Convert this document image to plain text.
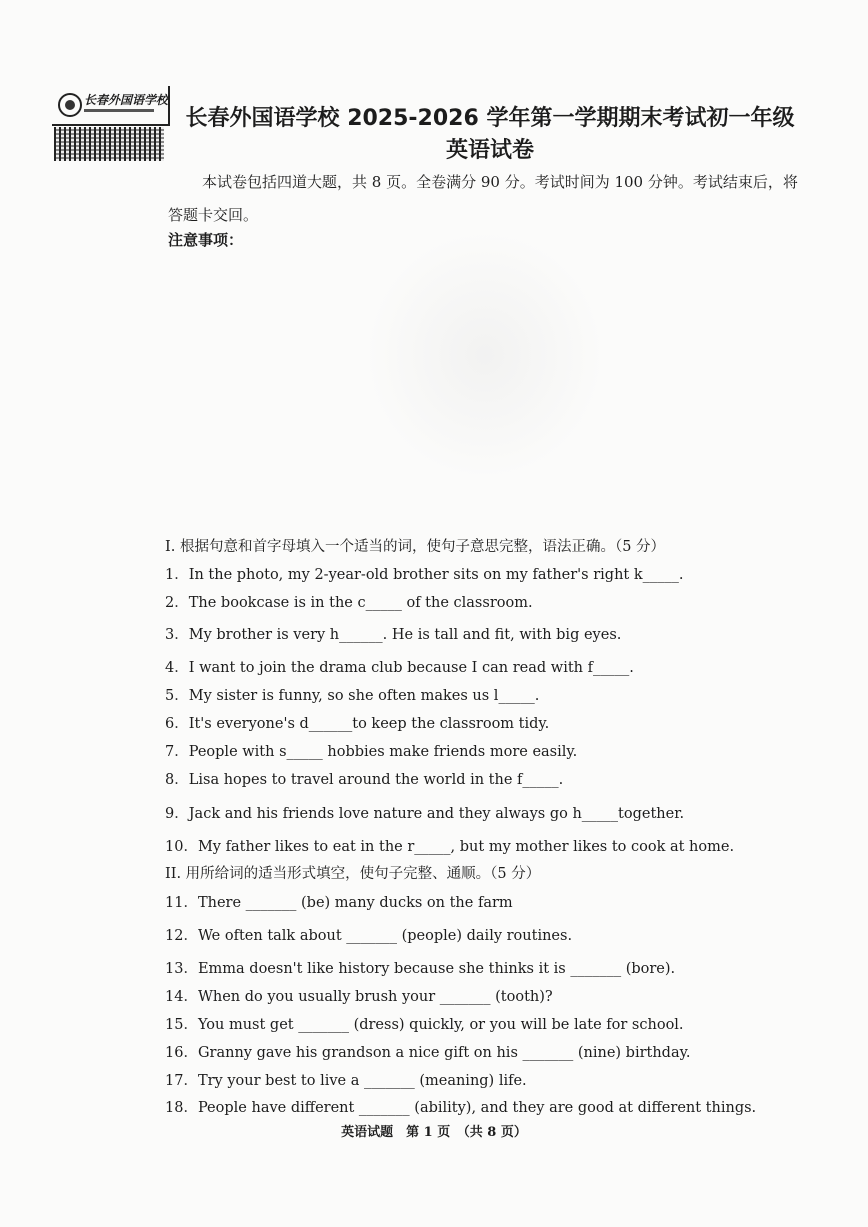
长春外国语学校
长春外国语学校 2025-2026 学年第一学期期末考试初一年级
英语试卷
本试卷包括四道大题，共 8 页。全卷满分 90 分。考试时间为 100 分钟。考试结束后，将答题卡交回。
注意事项：
I. 根据句意和首字母填入一个适当的词，使句子意思完整，语法正确。（5 分）
1．In the photo, my 2-year-old brother sits on my father's right k_____.
2．The bookcase is in the c_____ of the classroom.
3．My brother is very h______. He is tall and fit, with big eyes.
4．I want to join the drama club because I can read with f_____.
5．My sister is funny, so she often makes us l_____.
6．It's everyone's d______to keep the classroom tidy.
7．People with s_____ hobbies make friends more easily.
8．Lisa hopes to travel around the world in the f_____.
9．Jack and his friends love nature and they always go h_____together.
10．My father likes to eat in the r_____, but my mother likes to cook at home.
II. 用所给词的适当形式填空，使句子完整、通顺。（5 分）
11．There _______ (be) many ducks on the farm
12．We often talk about _______ (people) daily routines.
13．Emma doesn't like history because she thinks it is _______ (bore).
14．When do you usually brush your _______ (tooth)?
15．You must get _______ (dress) quickly, or you will be late for school.
16．Granny gave his grandson a nice gift on his _______ (nine) birthday.
17．Try your best to live a _______ (meaning) life.
18．People have different _______ (ability), and they are good at different things.
英语试题　第 1 页　（共 8 页）
